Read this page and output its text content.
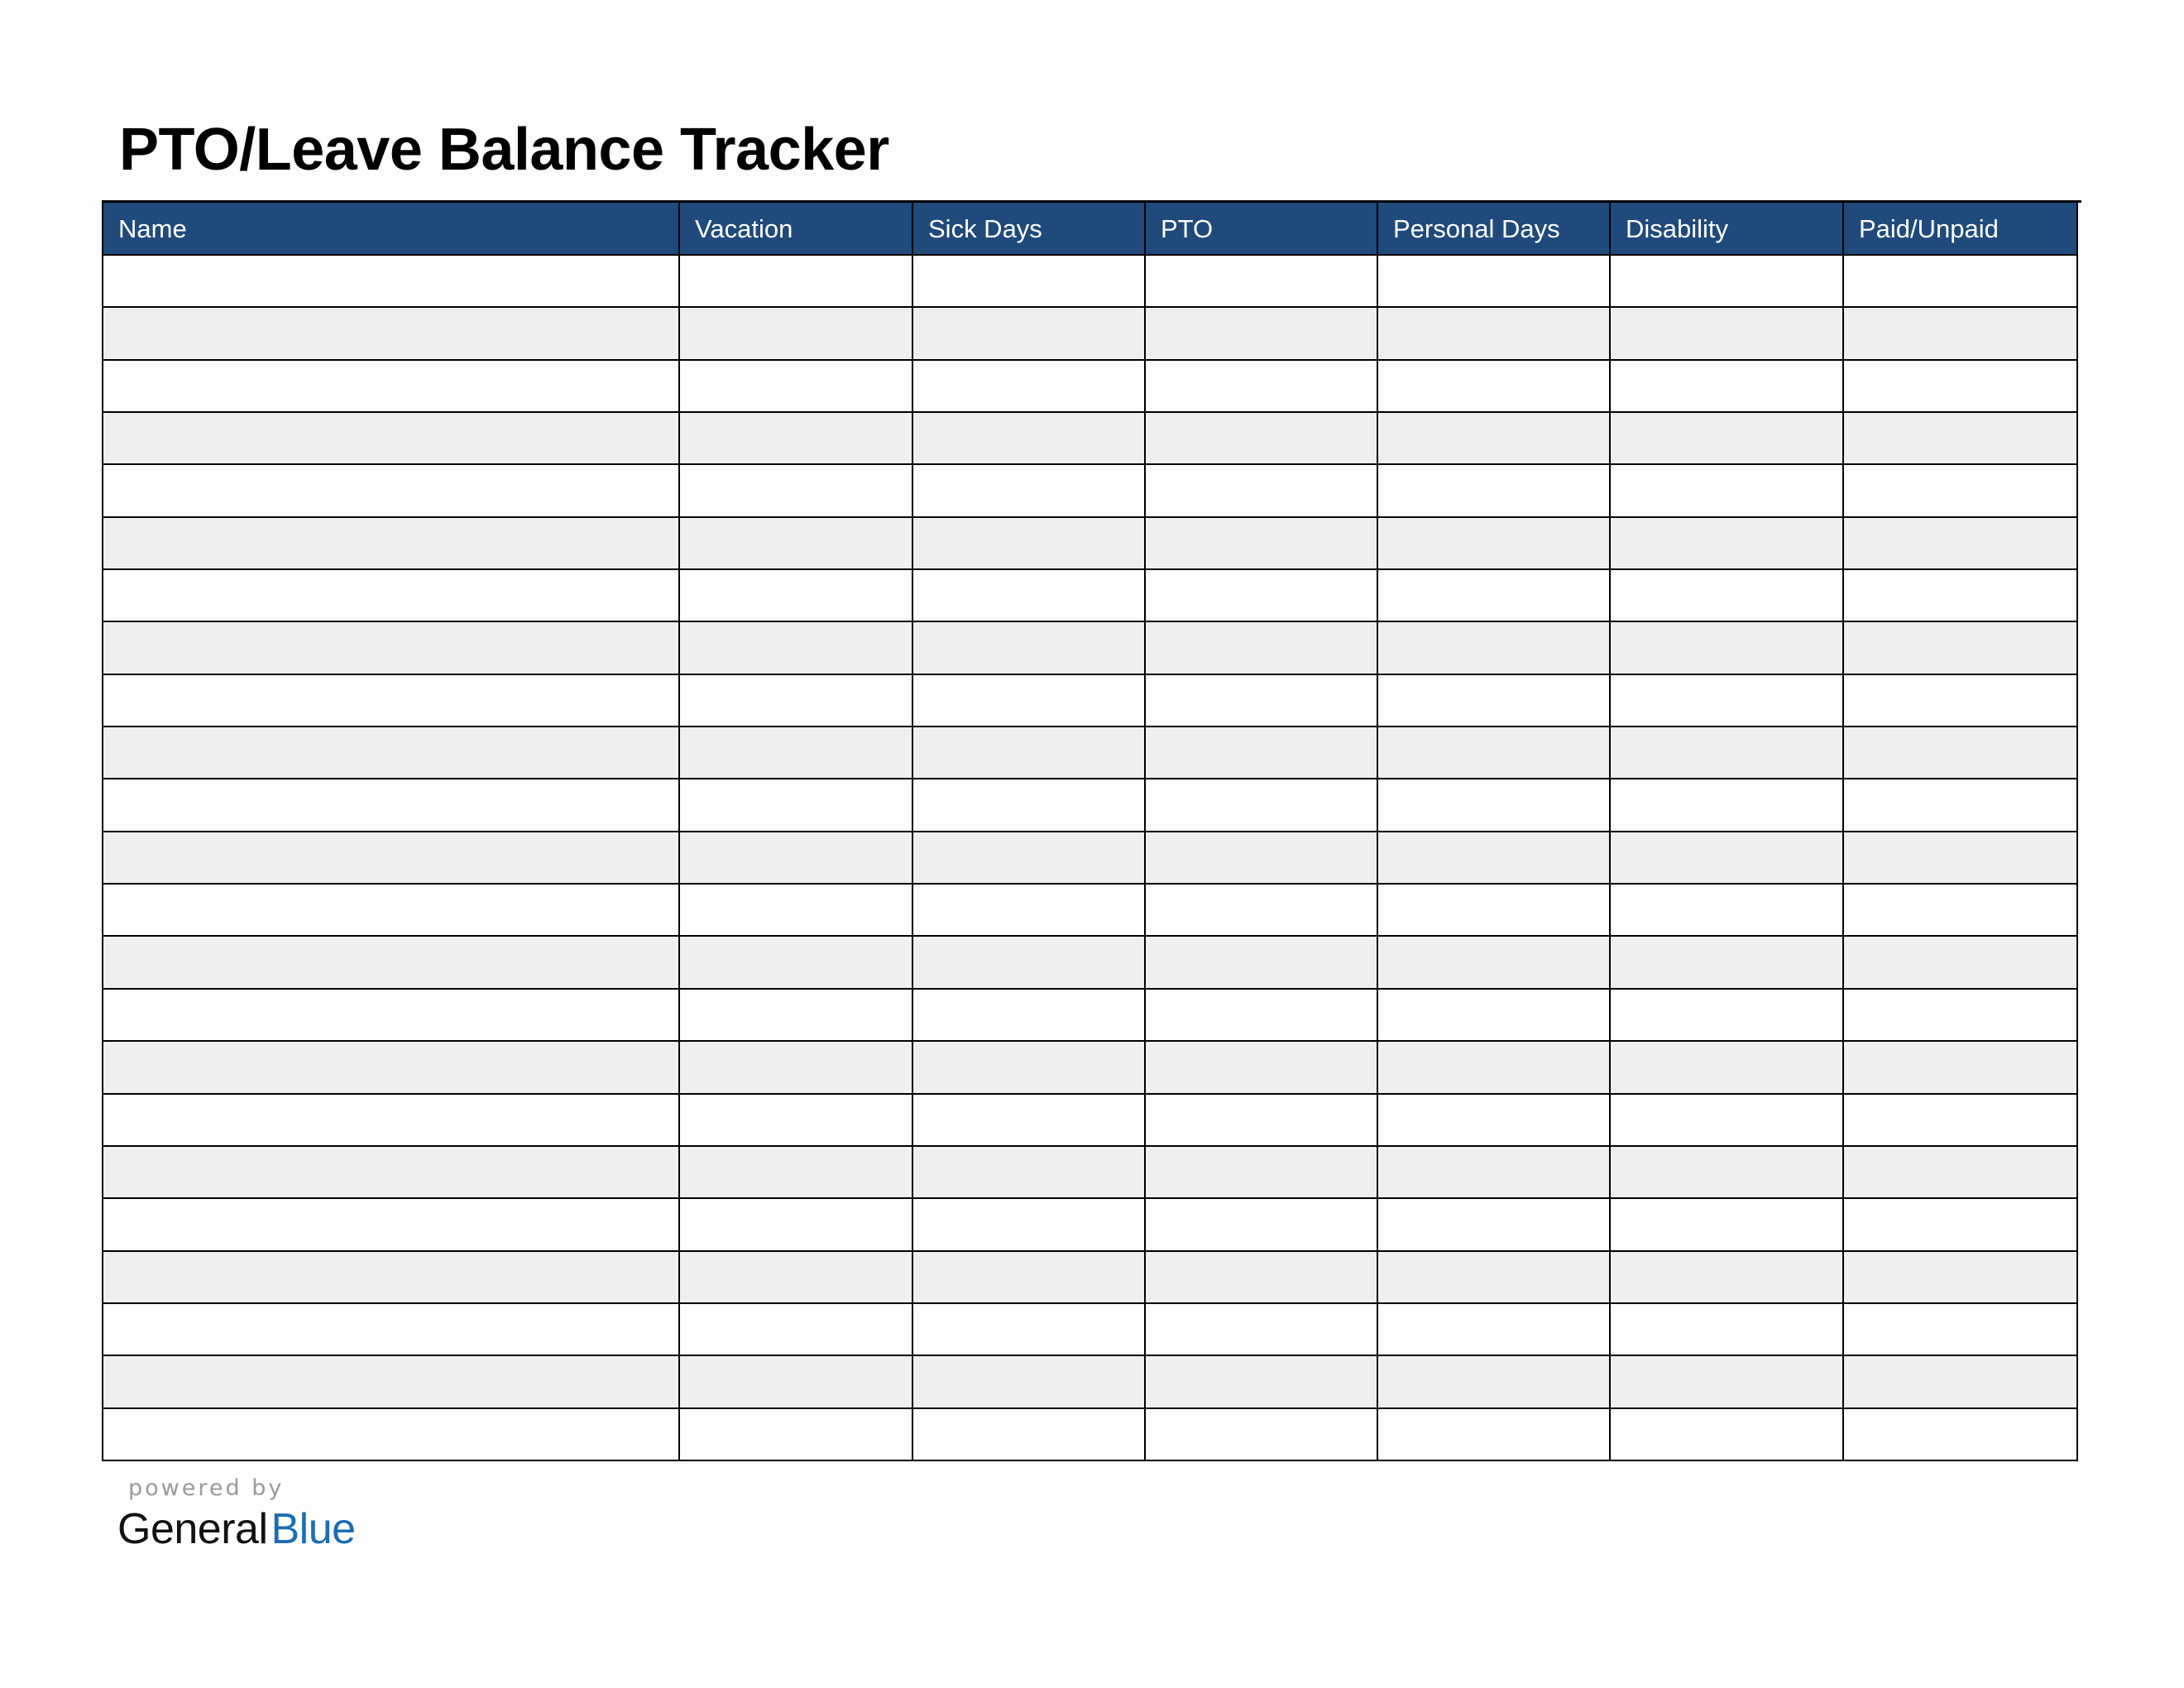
PTO/Leave Balance Tracker
Name	Vacation	Sick Days	PTO	Personal Days	Disability	Paid/Unpaid

powered by
GeneralBlue
